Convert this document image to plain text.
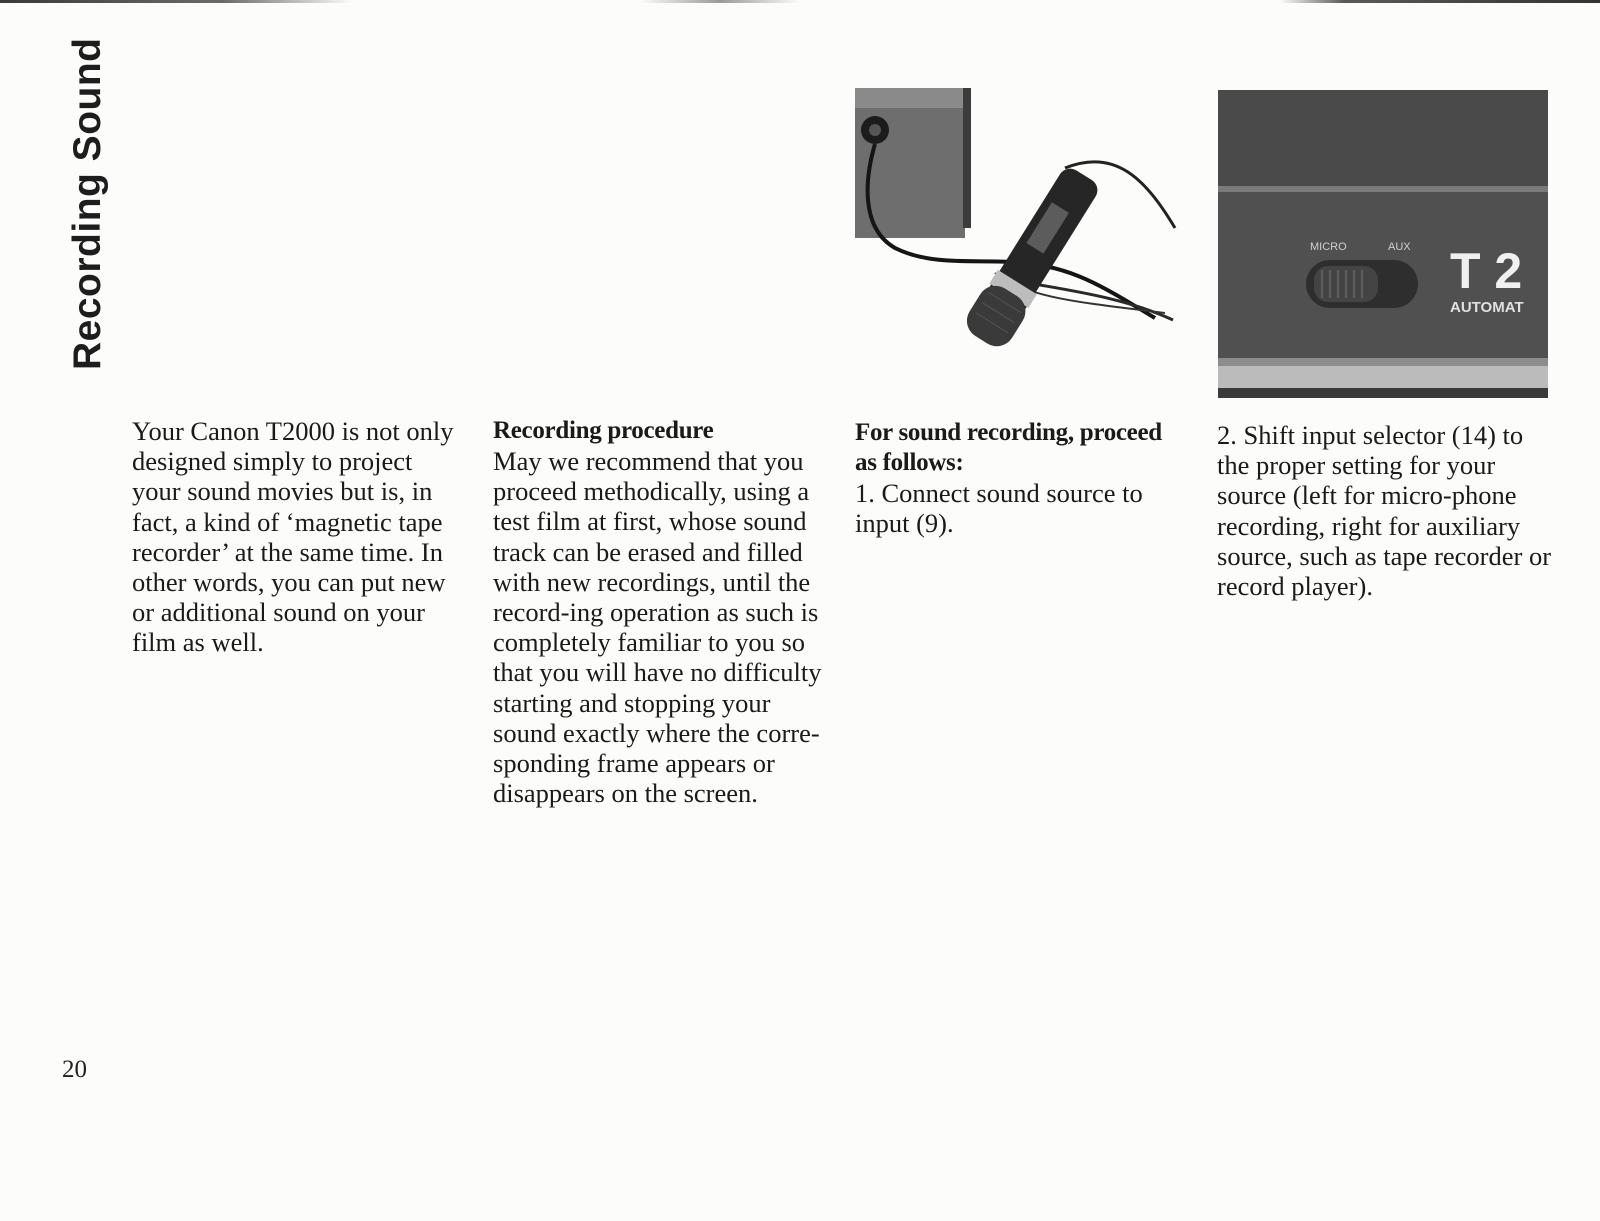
Recording Sound	MICRO	AUX T 2
AUTOMAT

Your Canon T2000 is not only designed simply to project your sound movies but is, in fact, a kind of ‘magnetic tape recorder’ at the same time. In other words, you can put new or additional sound on your film as well.

Recording procedure

May we recommend that you proceed methodically, using a test film at first, whose sound track can be erased and filled with new recordings, until the record-ing operation as such is completely familiar to you so that you will have no difficulty starting and stopping your sound exactly where the corre-sponding frame appears or disappears on the screen.

For sound recording, proceed as follows:

1. Connect sound source to input (9).

2. Shift input selector (14) to the proper setting for your source (left for micro-phone recording, right for auxiliary source, such as tape recorder or record player).

20
